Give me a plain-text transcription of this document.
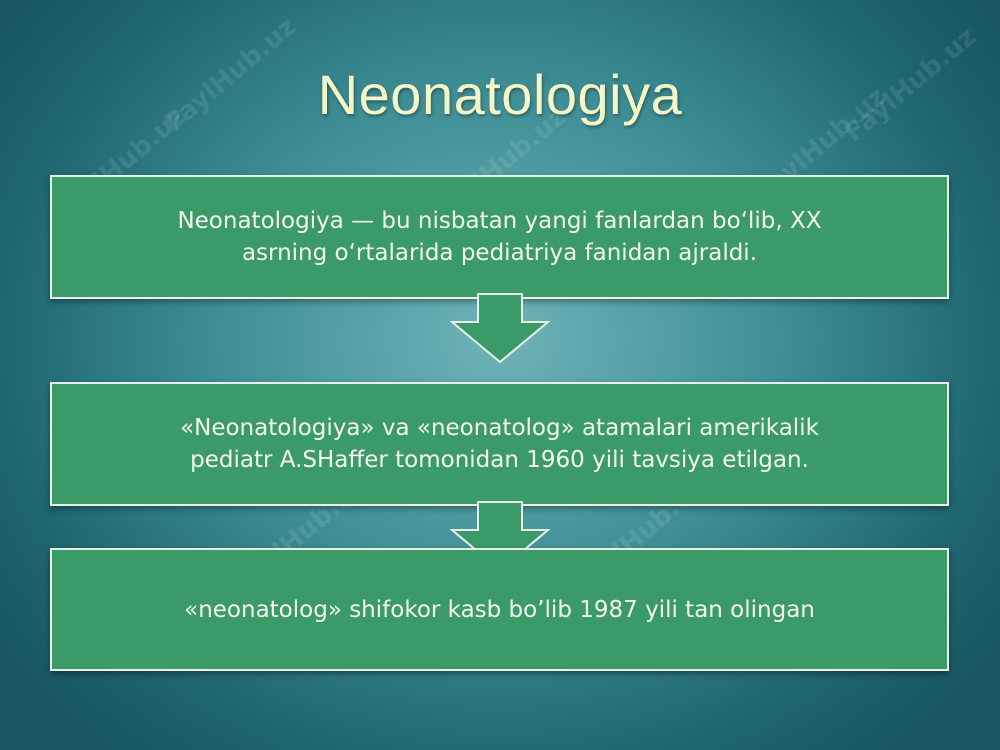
FaylHub.uz
FaylHub.uz
FaylHub.uz	FaylHub.uz
FaylHub.uz	FaylHub.uz
FaylHub.uz
Neonatologiya
Neonatologiya — bu nisbatan yangi fanlardan bo‘lib, XX
asrning o‘rtalarida pediatriya fanidan ajraldi.
«Neonatologiya» va «neonatolog» atamalari amerikalik
pediatr A.SHaffer tomonidan 1960 yili tavsiya etilgan.
«neonatolog» shifokor kasb bo’lib 1987 yili tan olingan
